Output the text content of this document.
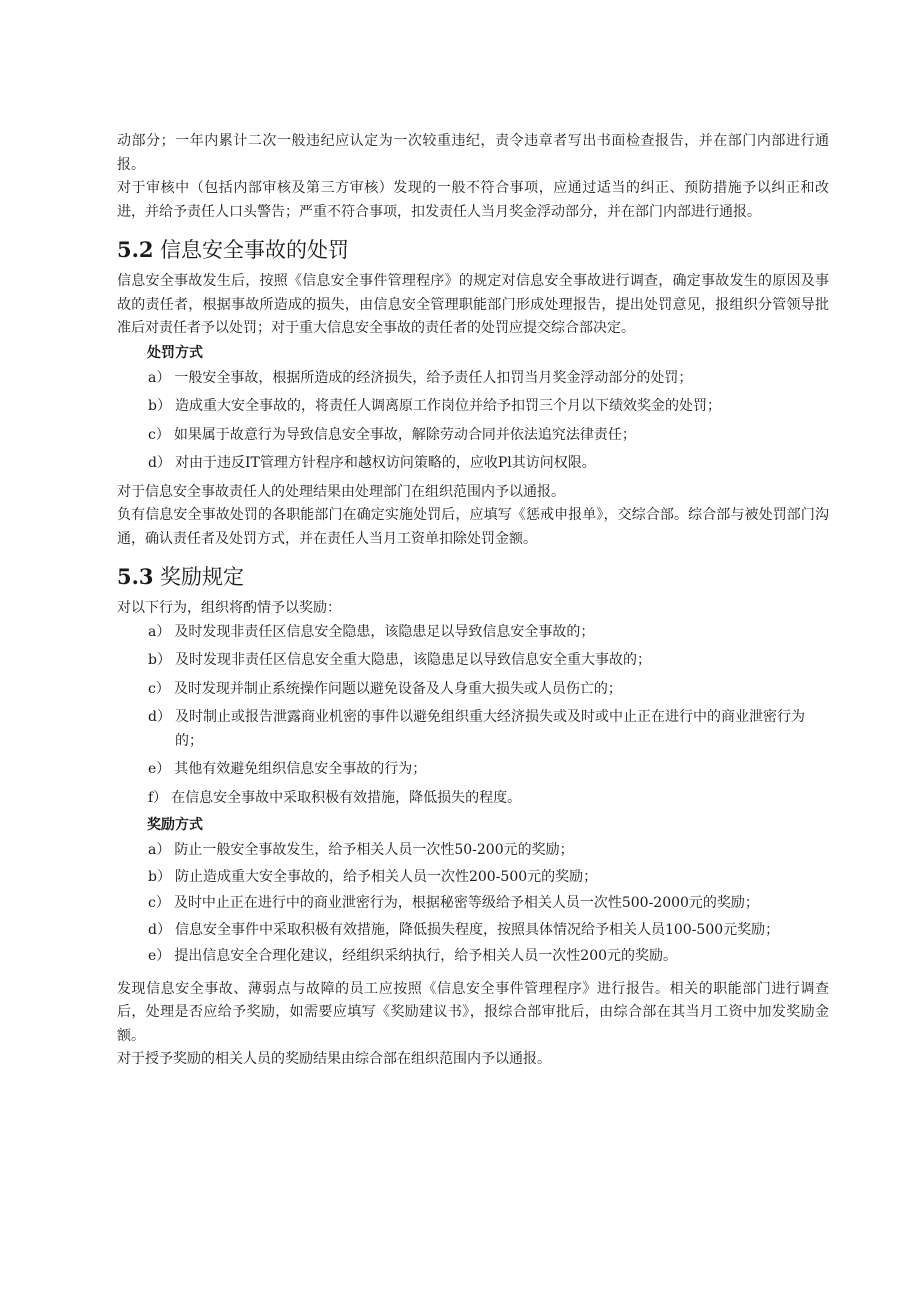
动部分；一年内累计二次一般违纪应认定为一次较重违纪，责令违章者写出书面检查报告，并在部门内部进行通报。

对于审核中（包括内部审核及第三方审核）发现的一般不符合事项，应通过适当的纠正、预防措施予以纠正和改进，并给予责任人口头警告；严重不符合事项，扣发责任人当月奖金浮动部分，并在部门内部进行通报。

5.2 信息安全事故的处罚

信息安全事故发生后，按照《信息安全事件管理程序》的规定对信息安全事故进行调查，确定事故发生的原因及事故的责任者，根据事故所造成的损失，由信息安全管理职能部门形成处理报告，提出处罚意见，报组织分管领导批准后对责任者予以处罚；对于重大信息安全事故的责任者的处罚应提交综合部决定。

处罚方式
a） 一般安全事故，根据所造成的经济损失，给予责任人扣罚当月奖金浮动部分的处罚；
b） 造成重大安全事故的，将责任人调离原工作岗位并给予扣罚三个月以下绩效奖金的处罚；
c） 如果属于故意行为导致信息安全事故，解除劳动合同并依法追究法律责任；
d） 对由于违反IT管理方针程序和越权访问策略的，应收Pl其访问权限。

对于信息安全事故责任人的处理结果由处理部门在组织范围内予以通报。

负有信息安全事故处罚的各职能部门在确定实施处罚后，应填写《惩戒申报单》，交综合部。综合部与被处罚部门沟通，确认责任者及处罚方式，并在责任人当月工资单扣除处罚金额。

5.3 奖励规定

对以下行为，组织将酌情予以奖励：

a） 及时发现非责任区信息安全隐患，该隐患足以导致信息安全事故的；
b） 及时发现非责任区信息安全重大隐患，该隐患足以导致信息安全重大事故的；
c） 及时发现并制止系统操作问题以避免设备及人身重大损失或人员伤亡的；
d） 及时制止或报告泄露商业机密的事件以避免组织重大经济损失或及时或中止正在进行中的商业泄密行为的；
e） 其他有效避免组织信息安全事故的行为；
f） 在信息安全事故中采取积极有效措施，降低损失的程度。
奖励方式
a） 防止一般安全事故发生，给予相关人员一次性50-200元的奖励；
b） 防止造成重大安全事故的，给予相关人员一次性200-500元的奖励；
c） 及时中止正在进行中的商业泄密行为，根据秘密等级给予相关人员一次性500-2000元的奖励；
d） 信息安全事件中采取积极有效措施，降低损失程度，按照具体情况给予相关人员100-500元奖励；
e） 提出信息安全合理化建议，经组织采纳执行，给予相关人员一次性200元的奖励。

发现信息安全事故、薄弱点与故障的员工应按照《信息安全事件管理程序》进行报告。相关的职能部门进行调查后，处理是否应给予奖励，如需要应填写《奖励建议书》，报综合部审批后，由综合部在其当月工资中加发奖励金额。

对于授予奖励的相关人员的奖励结果由综合部在组织范围内予以通报。
